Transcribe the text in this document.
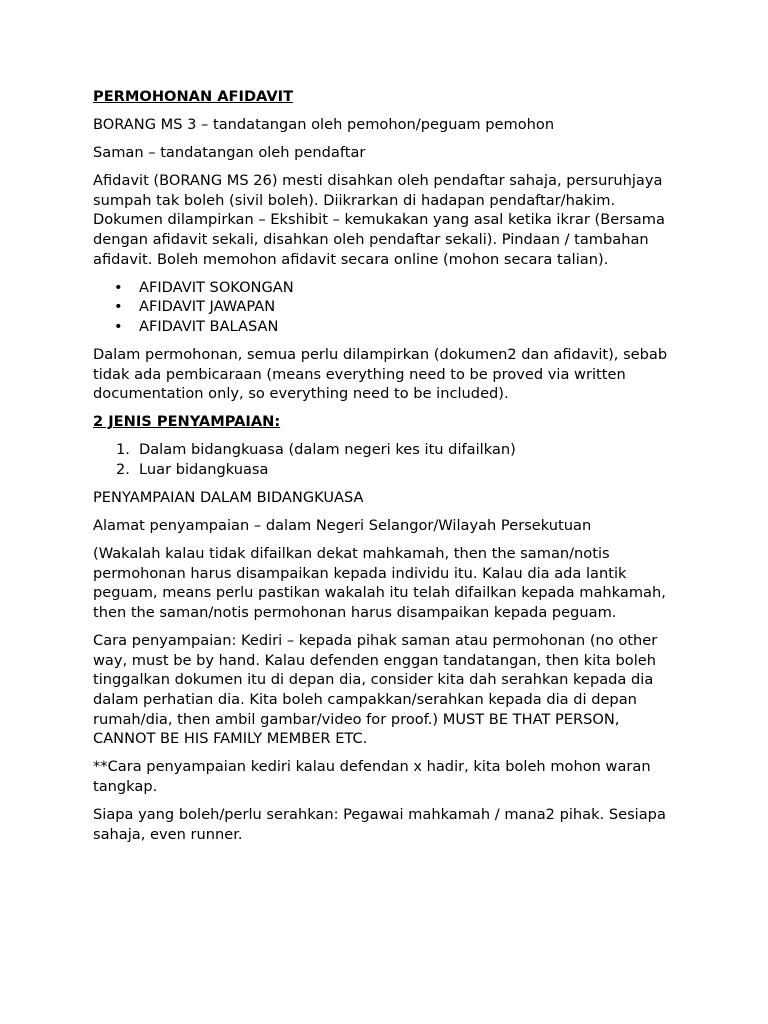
PERMOHONAN AFIDAVIT
BORANG MS 3 – tandatangan oleh pemohon/peguam pemohon
Saman – tandatangan oleh pendaftar
Afidavit (BORANG MS 26) mesti disahkan oleh pendaftar sahaja, persuruhjaya sumpah tak boleh (sivil boleh). Diikrarkan di hadapan pendaftar/hakim. Dokumen dilampirkan – Ekshibit – kemukakan yang asal ketika ikrar (Bersama dengan afidavit sekali, disahkan oleh pendaftar sekali). Pindaan / tambahan afidavit. Boleh memohon afidavit secara online (mohon secara talian).
• AFIDAVIT SOKONGAN
• AFIDAVIT JAWAPAN
• AFIDAVIT BALASAN
Dalam permohonan, semua perlu dilampirkan (dokumen2 dan afidavit), sebab tidak ada pembicaraan (means everything need to be proved via written documentation only, so everything need to be included).
2 JENIS PENYAMPAIAN:
1. Dalam bidangkuasa (dalam negeri kes itu difailkan)
2. Luar bidangkuasa
PENYAMPAIAN DALAM BIDANGKUASA
Alamat penyampaian – dalam Negeri Selangor/Wilayah Persekutuan
(Wakalah kalau tidak difailkan dekat mahkamah, then the saman/notis permohonan harus disampaikan kepada individu itu. Kalau dia ada lantik peguam, means perlu pastikan wakalah itu telah difailkan kepada mahkamah, then the saman/notis permohonan harus disampaikan kepada peguam.
Cara penyampaian: Kediri – kepada pihak saman atau permohonan (no other way, must be by hand. Kalau defenden enggan tandatangan, then kita boleh tinggalkan dokumen itu di depan dia, consider kita dah serahkan kepada dia dalam perhatian dia. Kita boleh campakkan/serahkan kepada dia di depan rumah/dia, then ambil gambar/video for proof.) MUST BE THAT PERSON, CANNOT BE HIS FAMILY MEMBER ETC.
**Cara penyampaian kediri kalau defendan x hadir, kita boleh mohon waran tangkap.
Siapa yang boleh/perlu serahkan: Pegawai mahkamah / mana2 pihak. Sesiapa sahaja, even runner.
